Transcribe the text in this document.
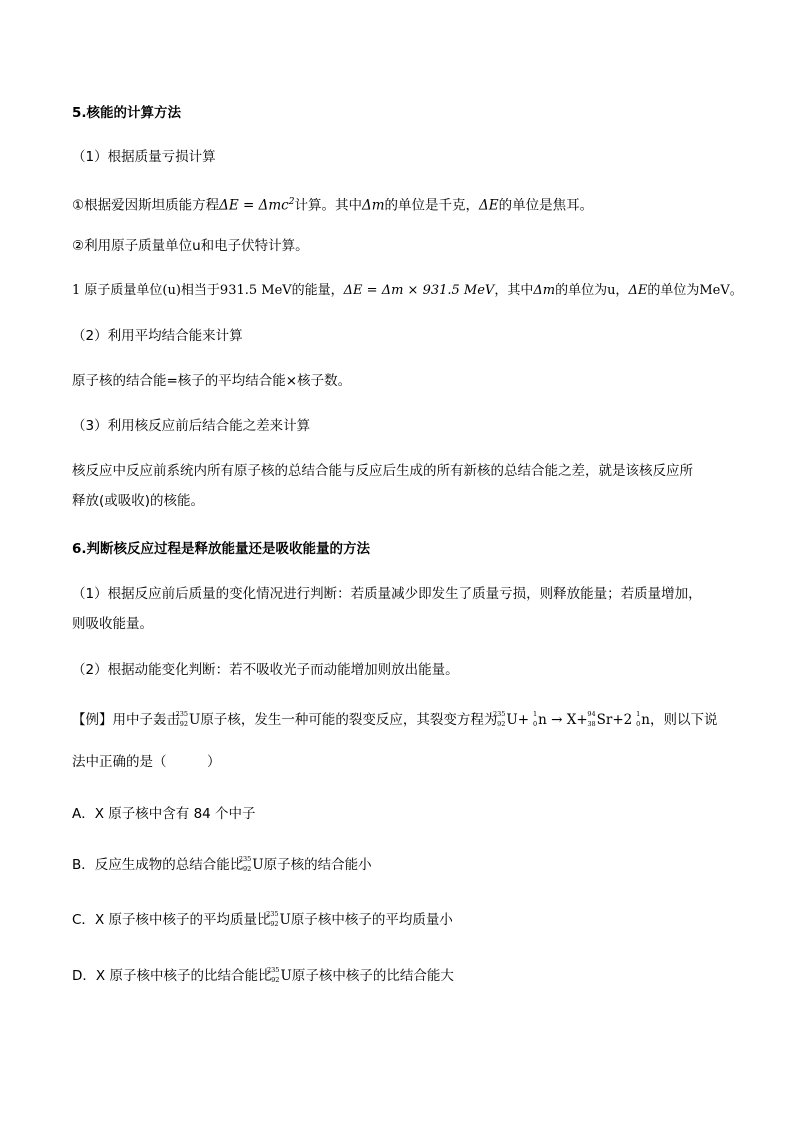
5.核能的计算方法
（1）根据质量亏损计算
①根据爱因斯坦质能方程ΔE = Δmc$^2$计算。其中Δm的单位是千克，ΔE的单位是焦耳。
②利用原子质量单位u和电子伏特计算。
1 原子质量单位(u)相当于931.5 MeV的能量，ΔE = Δm × 931.5 MeV，其中Δm的单位为u，ΔE的单位为MeV。
（2）利用平均结合能来计算
原子核的结合能=核子的平均结合能×核子数。
（3）利用核反应前后结合能之差来计算
核反应中反应前系统内所有原子核的总结合能与反应后生成的所有新核的总结合能之差，就是该核反应所
释放(或吸收)的核能。
6.判断核反应过程是释放能量还是吸收能量的方法
（1）根据反应前后质量的变化情况进行判断：若质量减少即发生了质量亏损，则释放能量；若质量增加，
则吸收能量。
（2）根据动能变化判断：若不吸收光子而动能增加则放出能量。
【例】用中子轰击
235
92 U原子核，发生一种可能的裂变反应，其裂变方程为
235
92 U+ 1
0 n → X+ 94
38 Sr+2 1
0 n，则以下说
法中正确的是（　　　）
A．X 原子核中含有 84 个中子
B．反应生成物的总结合能比
235
92 U原子核的结合能小
C．X 原子核中核子的平均质量比
235
92 U原子核中核子的平均质量小
D．X 原子核中核子的比结合能比
235
92 U原子核中核子的比结合能大
